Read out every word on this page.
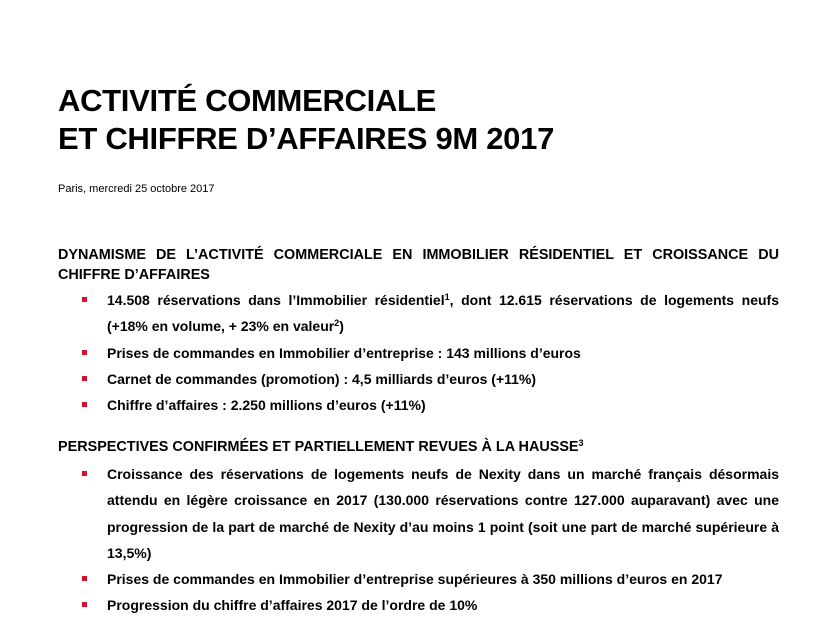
ACTIVITÉ COMMERCIALE
ET CHIFFRE D’AFFAIRES 9M 2017
Paris, mercredi 25 octobre 2017
DYNAMISME DE L’ACTIVITÉ COMMERCIALE EN IMMOBILIER RÉSIDENTIEL ET CROISSANCE DU CHIFFRE D’AFFAIRES
14.508 réservations dans l’Immobilier résidentiel$^1$, dont 12.615 réservations de logements neufs (+18% en volume, + 23% en valeur$^2$)
Prises de commandes en Immobilier d’entreprise : 143 millions d’euros
Carnet de commandes (promotion) : 4,5 milliards d’euros (+11%)
Chiffre d’affaires : 2.250 millions d’euros (+11%)
PERSPECTIVES CONFIRMÉES ET PARTIELLEMENT REVUES À LA HAUSSE$^3$
Croissance des réservations de logements neufs de Nexity dans un marché français désormais attendu en légère croissance en 2017 (130.000 réservations contre 127.000 auparavant) avec une progression de la part de marché de Nexity d’au moins 1 point (soit une part de marché supérieure à 13,5%)
Prises de commandes en Immobilier d’entreprise supérieures à 350 millions d’euros en 2017
Progression du chiffre d’affaires 2017 de l’ordre de 10%
